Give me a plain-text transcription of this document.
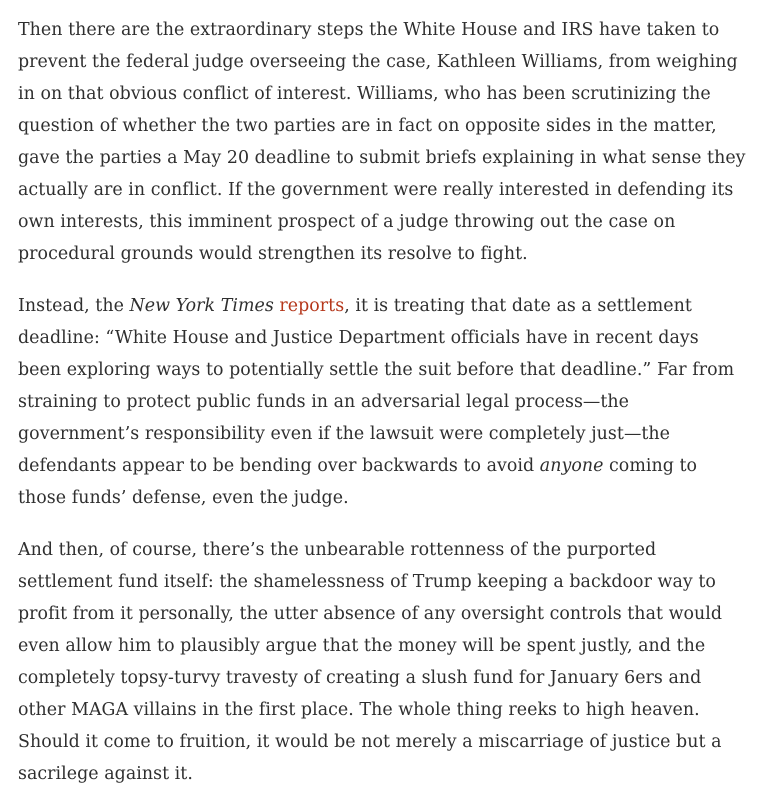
Then there are the extraordinary steps the White House and IRS have taken to prevent the federal judge overseeing the case, Kathleen Williams, from weighing in on that obvious conflict of interest. Williams, who has been scrutinizing the question of whether the two parties are in fact on opposite sides in the matter, gave the parties a May 20 deadline to submit briefs explaining in what sense they actually are in conflict. If the government were really interested in defending its own interests, this imminent prospect of a judge throwing out the case on procedural grounds would strengthen its resolve to fight.

Instead, the New York Times reports, it is treating that date as a settlement deadline: “White House and Justice Department officials have in recent days been exploring ways to potentially settle the suit before that deadline.” Far from straining to protect public funds in an adversarial legal process—the government’s responsibility even if the lawsuit were completely just—the defendants appear to be bending over backwards to avoid anyone coming to those funds’ defense, even the judge.

And then, of course, there’s the unbearable rottenness of the purported settlement fund itself: the shamelessness of Trump keeping a backdoor way to profit from it personally, the utter absence of any oversight controls that would even allow him to plausibly argue that the money will be spent justly, and the completely topsy-turvy travesty of creating a slush fund for January 6ers and other MAGA villains in the first place. The whole thing reeks to high heaven. Should it come to fruition, it would be not merely a miscarriage of justice but a sacrilege against it.
